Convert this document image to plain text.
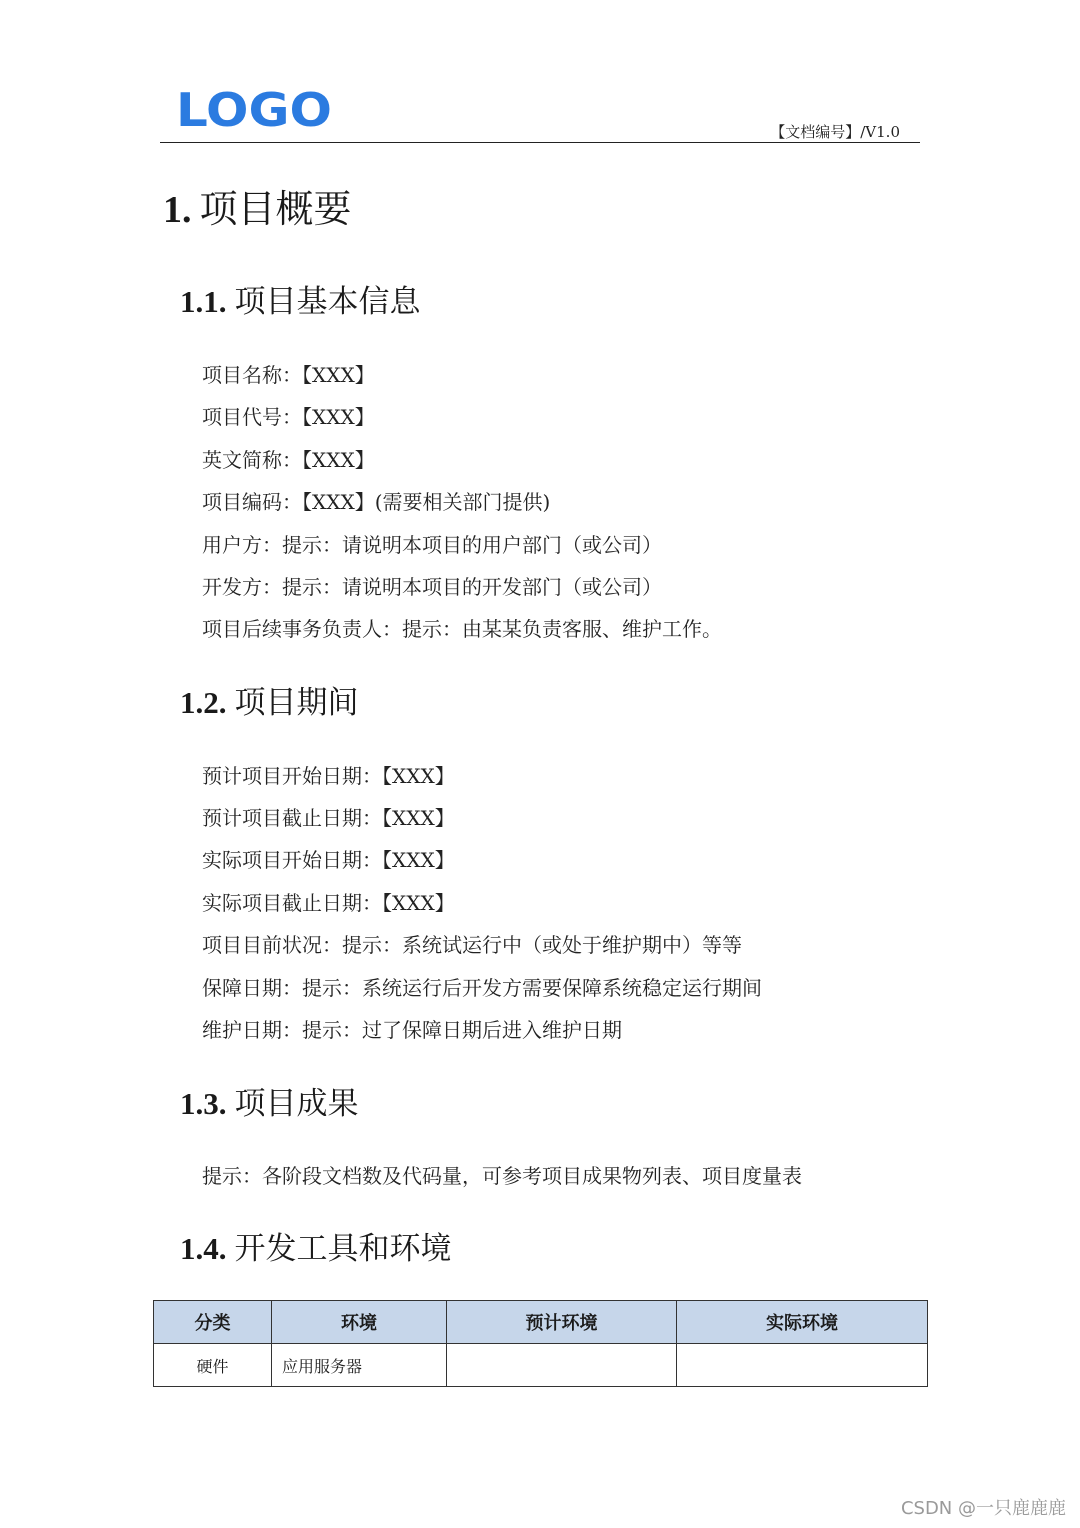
LOGO	【文档编号】/V1.0
1. 项目概要
1.1. 项目基本信息
项目名称：【XXX】
项目代号：【XXX】
英文简称：【XXX】
项目编码：【XXX】(需要相关部门提供)
用户方：提示：请说明本项目的用户部门（或公司）
开发方：提示：请说明本项目的开发部门（或公司）
项目后续事务负责人：提示：由某某负责客服、维护工作。
1.2. 项目期间
预计项目开始日期：【XXX】
预计项目截止日期：【XXX】
实际项目开始日期：【XXX】
实际项目截止日期：【XXX】
项目目前状况：提示：系统试运行中（或处于维护期中）等等
保障日期：提示：系统运行后开发方需要保障系统稳定运行期间
维护日期：提示：过了保障日期后进入维护日期
1.3. 项目成果
提示：各阶段文档数及代码量，可参考项目成果物列表、项目度量表
1.4. 开发工具和环境
分类	环境	预计环境	实际环境
硬件	应用服务器		
CSDN @一只鹿鹿鹿
